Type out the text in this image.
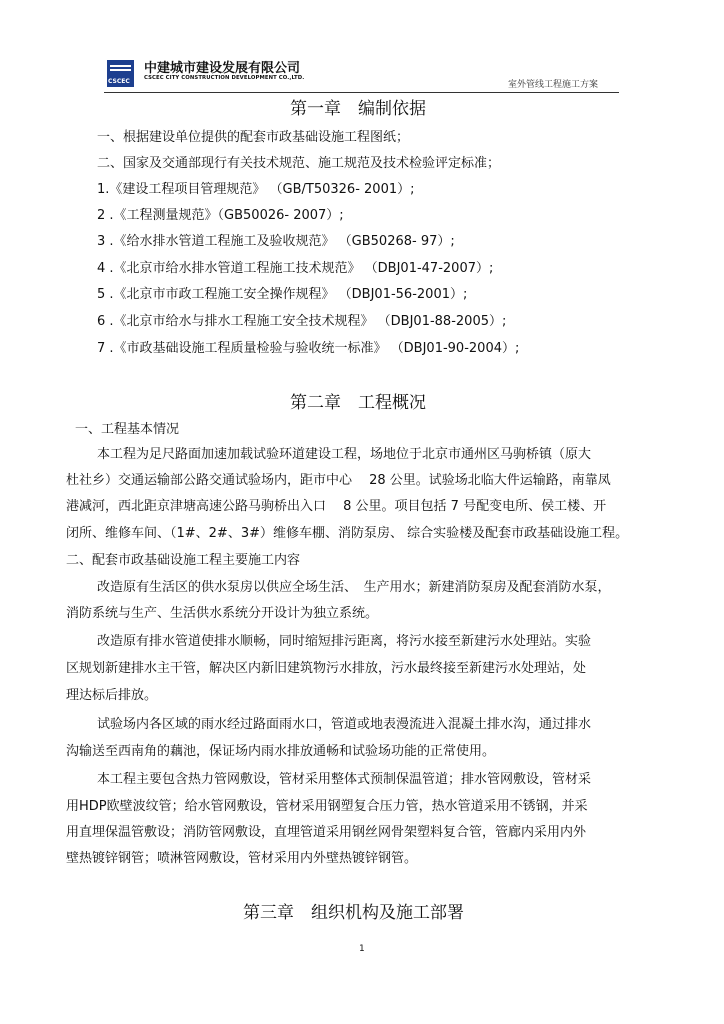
CSCEC
中建城市建设发展有限公司
CSCEC CITY CONSTRUCTION DEVELOPMENT CO.,LTD.
室外管线工程施工方案
第一章　编制依据
一、根据建设单位提供的配套市政基础设施工程图纸；
二、国家及交通部现行有关技术规范、施工规范及技术检验评定标准；
1.《建设工程项目管理规范》 （GB/T50326- 2001）;
2 .《工程测量规范》（GB50026- 2007）;
3 .《给水排水管道工程施工及验收规范》 （GB50268- 97）;
4 .《北京市给水排水管道工程施工技术规范》 （DBJ01-47-2007）;
5 .《北京市市政工程施工安全操作规程》 （DBJ01-56-2001）;
6 .《北京市给水与排水工程施工安全技术规程》 （DBJ01-88-2005）;
7 .《市政基础设施工程质量检验与验收统一标准》 （DBJ01-90-2004）;
第二章　工程概况
一、工程基本情况
本工程为足尺路面加速加载试验环道建设工程，场地位于北京市通州区马驹桥镇（原大
杜社乡）交通运输部公路交通试验场内，距市中心　 28 公里。试验场北临大件运输路，南靠凤
港减河，西北距京津塘高速公路马驹桥出入口　 8 公里。项目包括 7 号配变电所、侯工楼、开
闭所、维修车间、（1#、2#、3#）维修车棚、消防泵房、 综合实验楼及配套市政基础设施工程。
二、配套市政基础设施工程主要施工内容
改造原有生活区的供水泵房以供应全场生活、　生产用水；新建消防泵房及配套消防水泵，
消防系统与生产、生活供水系统分开设计为独立系统。
改造原有排水管道使排水顺畅，同时缩短排污距离，将污水接至新建污水处理站。实验
区规划新建排水主干管，解决区内新旧建筑物污水排放，污水最终接至新建污水处理站，处
理达标后排放。
试验场内各区域的雨水经过路面雨水口，管道或地表漫流进入混凝土排水沟，通过排水
沟输送至西南角的藕池，保证场内雨水排放通畅和试验场功能的正常使用。
本工程主要包含热力管网敷设，管材采用整体式预制保温管道；排水管网敷设，管材采
用HDP欧壁波纹管；给水管网敷设，管材采用钢塑复合压力管，热水管道采用不锈钢，并采
用直埋保温管敷设；消防管网敷设，直埋管道采用钢丝网骨架塑料复合管，管廊内采用内外
壁热镀锌钢管；喷淋管网敷设，管材采用内外壁热镀锌钢管。
第三章　组织机构及施工部署
1
